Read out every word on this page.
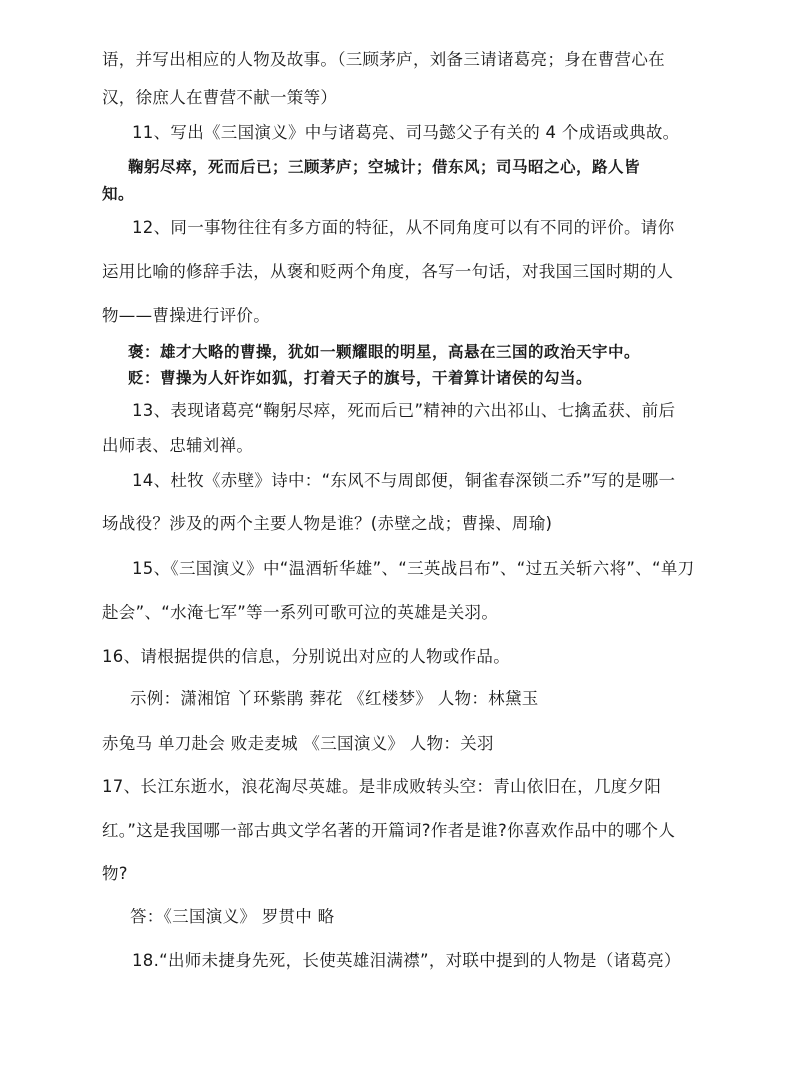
语，并写出相应的人物及故事。（三顾茅庐，刘备三请诸葛亮；身在曹营心在
汉，徐庶人在曹营不献一策等）
11、写出《三国演义》中与诸葛亮、司马懿父子有关的 4 个成语或典故。
鞠躬尽瘁，死而后已；三顾茅庐；空城计；借东风；司马昭之心，路人皆
知。
12、同一事物往往有多方面的特征，从不同角度可以有不同的评价。请你
运用比喻的修辞手法，从褒和贬两个角度，各写一句话，对我国三国时期的人
物——曹操进行评价。
褒：雄才大略的曹操，犹如一颗耀眼的明星，高悬在三国的政治天宇中。
贬：曹操为人奸诈如狐，打着天子的旗号，干着算计诸侯的勾当。
13、表现诸葛亮“鞠躬尽瘁，死而后已”精神的六出祁山、七擒孟获、前后
出师表、忠辅刘禅。
14、杜牧《赤壁》诗中：“东风不与周郎便，铜雀春深锁二乔”写的是哪一
场战役？涉及的两个主要人物是谁？(赤壁之战；曹操、周瑜)
15、《三国演义》中“温酒斩华雄”、“三英战吕布”、“过五关斩六将”、“单刀
赴会”、“水淹七军”等一系列可歌可泣的英雄是关羽。
16、请根据提供的信息，分别说出对应的人物或作品。
示例：潇湘馆 丫环紫鹃 葬花 《红楼梦》 人物：林黛玉
赤兔马 单刀赴会 败走麦城 《三国演义》 人物：关羽
17、长江东逝水，浪花淘尽英雄。是非成败转头空：青山依旧在，几度夕阳
红。”这是我国哪一部古典文学名著的开篇词?作者是谁?你喜欢作品中的哪个人
物?
答：《三国演义》 罗贯中 略
18.“出师未捷身先死，长使英雄泪满襟”，对联中提到的人物是（诸葛亮）
